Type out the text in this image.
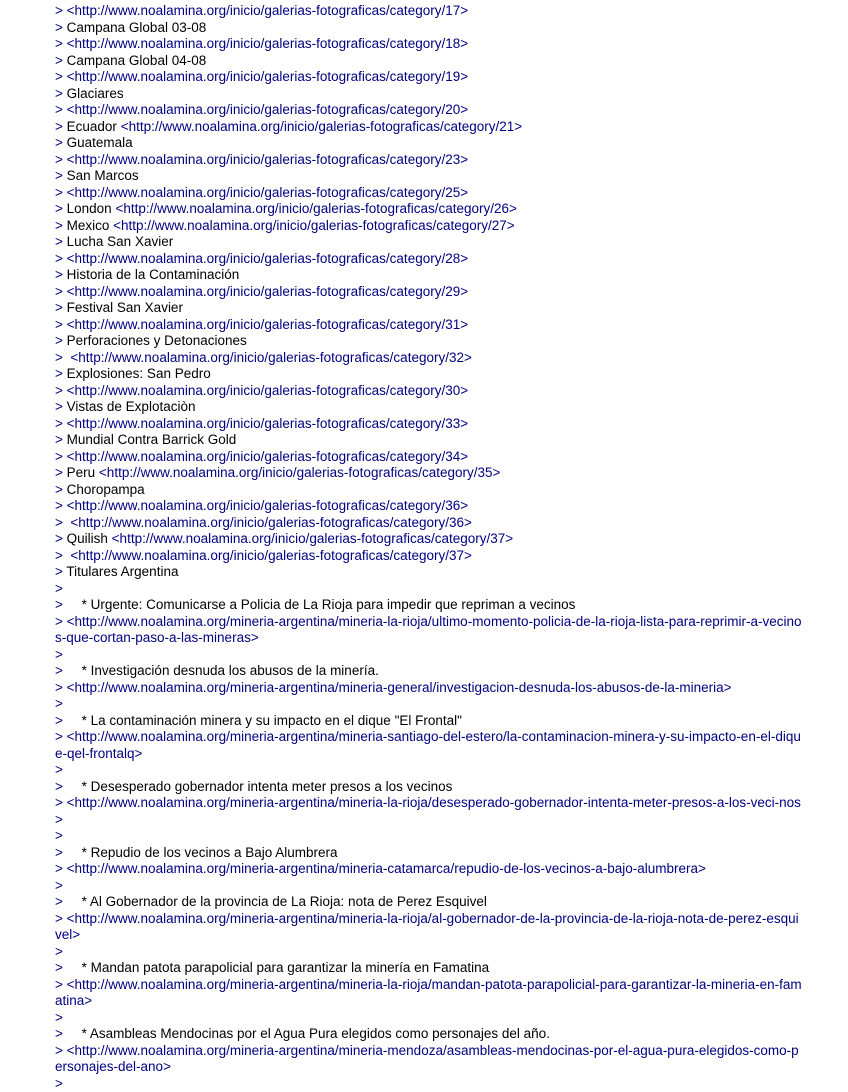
> <http://www.noalamina.org/inicio/galerias-fotograficas/category/17>
> Campana Global 03-08
> <http://www.noalamina.org/inicio/galerias-fotograficas/category/18>
> Campana Global 04-08
> <http://www.noalamina.org/inicio/galerias-fotograficas/category/19>
> Glaciares
> <http://www.noalamina.org/inicio/galerias-fotograficas/category/20>
> Ecuador <http://www.noalamina.org/inicio/galerias-fotograficas/category/21>
> Guatemala
> <http://www.noalamina.org/inicio/galerias-fotograficas/category/23>
> San Marcos
> <http://www.noalamina.org/inicio/galerias-fotograficas/category/25>
> London <http://www.noalamina.org/inicio/galerias-fotograficas/category/26>
> Mexico <http://www.noalamina.org/inicio/galerias-fotograficas/category/27>
> Lucha San Xavier
> <http://www.noalamina.org/inicio/galerias-fotograficas/category/28>
> Historia de la Contaminación
> <http://www.noalamina.org/inicio/galerias-fotograficas/category/29>
> Festival San Xavier
> <http://www.noalamina.org/inicio/galerias-fotograficas/category/31>
> Perforaciones y Detonaciones
>  <http://www.noalamina.org/inicio/galerias-fotograficas/category/32>
> Explosiones: San Pedro
> <http://www.noalamina.org/inicio/galerias-fotograficas/category/30>
> Vistas de Explotaciòn
> <http://www.noalamina.org/inicio/galerias-fotograficas/category/33>
> Mundial Contra Barrick Gold
> <http://www.noalamina.org/inicio/galerias-fotograficas/category/34>
> Peru <http://www.noalamina.org/inicio/galerias-fotograficas/category/35>
> Choropampa
> <http://www.noalamina.org/inicio/galerias-fotograficas/category/36>
>  <http://www.noalamina.org/inicio/galerias-fotograficas/category/36>
> Quilish <http://www.noalamina.org/inicio/galerias-fotograficas/category/37>
>  <http://www.noalamina.org/inicio/galerias-fotograficas/category/37>
> Titulares Argentina
>
>     * Urgente: Comunicarse a Policia de La Rioja para impedir que repriman a vecinos
> <http://www.noalamina.org/mineria-argentina/mineria-la-rioja/ultimo-momento-policia-de-la-rioja-lista-para-reprimir-a-vecinos-que-cortan-paso-a-las-mineras>
>
>     * Investigación desnuda los abusos de la minería.
> <http://www.noalamina.org/mineria-argentina/mineria-general/investigacion-desnuda-los-abusos-de-la-mineria>
>
>     * La contaminación minera y su impacto en el dique "El Frontal"
> <http://www.noalamina.org/mineria-argentina/mineria-santiago-del-estero/la-contaminacion-minera-y-su-impacto-en-el-dique-qel-frontalq>
>
>     * Desesperado gobernador intenta meter presos a los vecinos
> <http://www.noalamina.org/mineria-argentina/mineria-la-rioja/desesperado-gobernador-intenta-meter-presos-a-los-veci-nos>
>
>     * Repudio de los vecinos a Bajo Alumbrera
> <http://www.noalamina.org/mineria-argentina/mineria-catamarca/repudio-de-los-vecinos-a-bajo-alumbrera>
>
>     * Al Gobernador de la provincia de La Rioja: nota de Perez Esquivel
> <http://www.noalamina.org/mineria-argentina/mineria-la-rioja/al-gobernador-de-la-provincia-de-la-rioja-nota-de-perez-esquivel>
>
>     * Mandan patota parapolicial para garantizar la minería en Famatina
> <http://www.noalamina.org/mineria-argentina/mineria-la-rioja/mandan-patota-parapolicial-para-garantizar-la-mineria-en-famatina>
>
>     * Asambleas Mendocinas por el Agua Pura elegidos como personajes del año.
> <http://www.noalamina.org/mineria-argentina/mineria-mendoza/asambleas-mendocinas-por-el-agua-pura-elegidos-como-personajes-del-ano>
>
